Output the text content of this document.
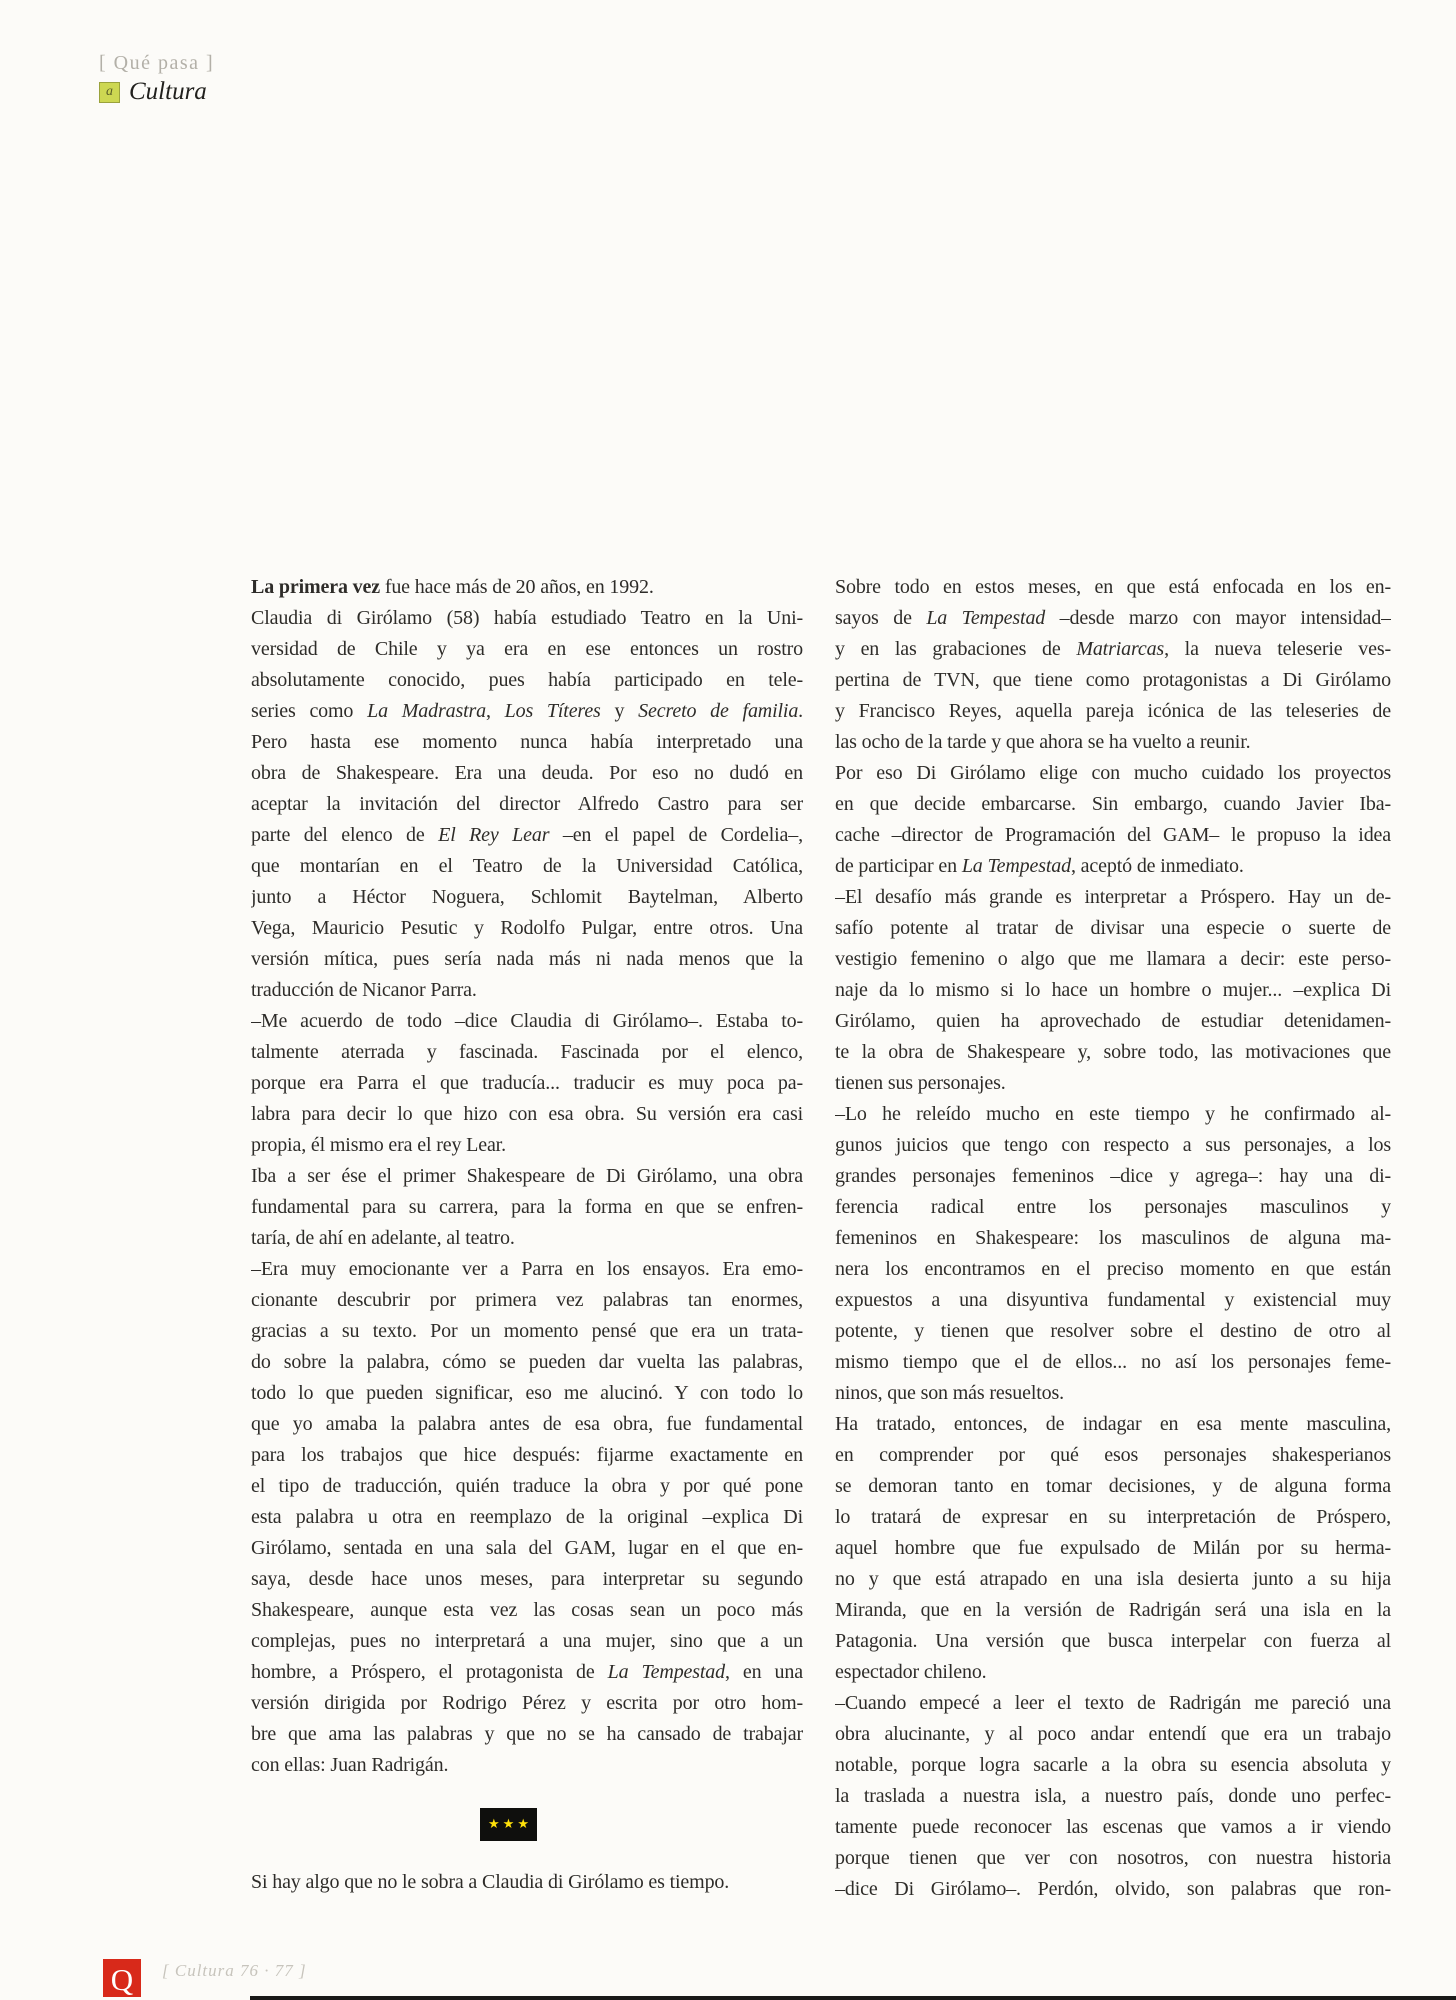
[ Qué pasa ]
a Cultura
La primera vez fue hace más de 20 años, en 1992.
Claudia di Girólamo (58) había estudiado Teatro en la Uni-
versidad de Chile y ya era en ese entonces un rostro
absolutamente conocido, pues había participado en tele-
series como La Madrastra, Los Títeres y Secreto de familia.
Pero hasta ese momento nunca había interpretado una
obra de Shakespeare. Era una deuda. Por eso no dudó en
aceptar la invitación del director Alfredo Castro para ser
parte del elenco de El Rey Lear –en el papel de Cordelia–,
que montarían en el Teatro de la Universidad Católica,
junto a Héctor Noguera, Schlomit Baytelman, Alberto
Vega, Mauricio Pesutic y Rodolfo Pulgar, entre otros. Una
versión mítica, pues sería nada más ni nada menos que la
traducción de Nicanor Parra.
–Me acuerdo de todo –dice Claudia di Girólamo–. Estaba to-
talmente aterrada y fascinada. Fascinada por el elenco,
porque era Parra el que traducía... traducir es muy poca pa-
labra para decir lo que hizo con esa obra. Su versión era casi
propia, él mismo era el rey Lear.
Iba a ser ése el primer Shakespeare de Di Girólamo, una obra
fundamental para su carrera, para la forma en que se enfren-
taría, de ahí en adelante, al teatro.
–Era muy emocionante ver a Parra en los ensayos. Era emo-
cionante descubrir por primera vez palabras tan enormes,
gracias a su texto. Por un momento pensé que era un trata-
do sobre la palabra, cómo se pueden dar vuelta las palabras,
todo lo que pueden significar, eso me alucinó. Y con todo lo
que yo amaba la palabra antes de esa obra, fue fundamental
para los trabajos que hice después: fijarme exactamente en
el tipo de traducción, quién traduce la obra y por qué pone
esta palabra u otra en reemplazo de la original –explica Di
Girólamo, sentada en una sala del GAM, lugar en el que en-
saya, desde hace unos meses, para interpretar su segundo
Shakespeare, aunque esta vez las cosas sean un poco más
complejas, pues no interpretará a una mujer, sino que a un
hombre, a Próspero, el protagonista de La Tempestad, en una
versión dirigida por Rodrigo Pérez y escrita por otro hom-
bre que ama las palabras y que no se ha cansado de trabajar
con ellas: Juan Radrigán.
★★★
Si hay algo que no le sobra a Claudia di Girólamo es tiempo.
Sobre todo en estos meses, en que está enfocada en los en-
sayos de La Tempestad –desde marzo con mayor intensidad–
y en las grabaciones de Matriarcas, la nueva teleserie ves-
pertina de TVN, que tiene como protagonistas a Di Girólamo
y Francisco Reyes, aquella pareja icónica de las teleseries de
las ocho de la tarde y que ahora se ha vuelto a reunir.
Por eso Di Girólamo elige con mucho cuidado los proyectos
en que decide embarcarse. Sin embargo, cuando Javier Iba-
cache –director de Programación del GAM– le propuso la idea
de participar en La Tempestad, aceptó de inmediato.
–El desafío más grande es interpretar a Próspero. Hay un de-
safío potente al tratar de divisar una especie o suerte de
vestigio femenino o algo que me llamara a decir: este perso-
naje da lo mismo si lo hace un hombre o mujer... –explica Di
Girólamo, quien ha aprovechado de estudiar detenidamen-
te la obra de Shakespeare y, sobre todo, las motivaciones que
tienen sus personajes.
–Lo he releído mucho en este tiempo y he confirmado al-
gunos juicios que tengo con respecto a sus personajes, a los
grandes personajes femeninos –dice y agrega–: hay una di-
ferencia radical entre los personajes masculinos y
femeninos en Shakespeare: los masculinos de alguna ma-
nera los encontramos en el preciso momento en que están
expuestos a una disyuntiva fundamental y existencial muy
potente, y tienen que resolver sobre el destino de otro al
mismo tiempo que el de ellos... no así los personajes feme-
ninos, que son más resueltos.
Ha tratado, entonces, de indagar en esa mente masculina,
en comprender por qué esos personajes shakesperianos
se demoran tanto en tomar decisiones, y de alguna forma
lo tratará de expresar en su interpretación de Próspero,
aquel hombre que fue expulsado de Milán por su herma-
no y que está atrapado en una isla desierta junto a su hija
Miranda, que en la versión de Radrigán será una isla en la
Patagonia. Una versión que busca interpelar con fuerza al
espectador chileno.
–Cuando empecé a leer el texto de Radrigán me pareció una
obra alucinante, y al poco andar entendí que era un trabajo
notable, porque logra sacarle a la obra su esencia absoluta y
la traslada a nuestra isla, a nuestro país, donde uno perfec-
tamente puede reconocer las escenas que vamos a ir viendo
porque tienen que ver con nosotros, con nuestra historia
–dice Di Girólamo–. Perdón, olvido, son palabras que ron-
Q [ Cultura 76 · 77 ]
